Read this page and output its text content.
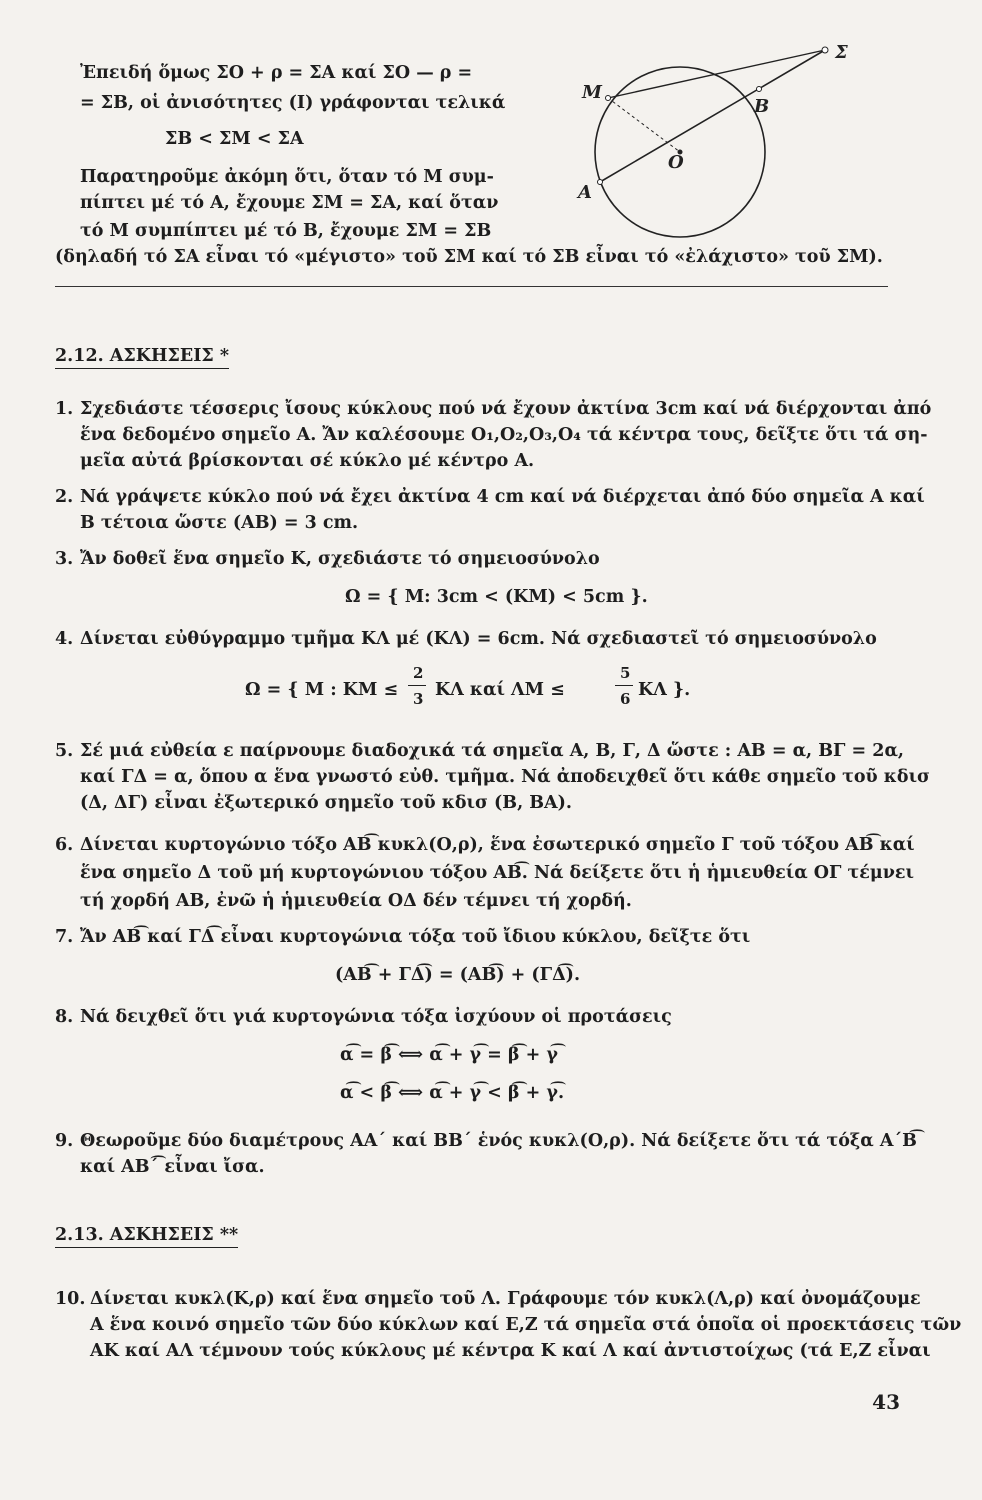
Ἐπειδή ὅμως ΣΟ + ρ = ΣΑ καί ΣΟ — ρ =
= ΣΒ, οἱ ἀνισότητες (Ι) γράφονται τελικά
ΣΒ < ΣΜ < ΣΑ
Παρατηροῦμε ἀκόμη ὅτι, ὅταν τό Μ συμ-
πίπτει μέ τό Α, ἔχουμε ΣΜ = ΣΑ, καί ὅταν
τό Μ συμπίπτει μέ τό Β, ἔχουμε ΣΜ = ΣΒ
(δηλαδή τό ΣΑ εἶναι τό «μέγιστο» τοῦ ΣΜ καί τό ΣΒ εἶναι τό «ἐλάχιστο» τοῦ ΣΜ).
Σ
Μ
Β
Ο
Α
2.12. ΑΣΚΗΣΕΙΣ *
1. Σχεδιάστε τέσσερις ἴσους κύκλους πού νά ἔχουν ἀκτίνα 3cm καί νά διέρχονται ἀπό
ἕνα δεδομένο σημεῖο Α. Ἄν καλέσουμε Ο₁,Ο₂,Ο₃,Ο₄ τά κέντρα τους, δεῖξτε ὅτι τά ση-
μεῖα αὐτά βρίσκονται σέ κύκλο μέ κέντρο Α.
2. Νά γράψετε κύκλο πού νά ἔχει ἀκτίνα 4 cm καί νά διέρχεται ἀπό δύο σημεῖα Α καί
Β τέτοια ὥστε (ΑΒ) = 3 cm.
3. Ἄν δοθεῖ ἕνα σημεῖο Κ, σχεδιάστε τό σημειοσύνολο
Ω = { Μ: 3cm < (ΚΜ) < 5cm }.
4. Δίνεται εὐθύγραμμο τμῆμα ΚΛ μέ (ΚΛ) = 6cm. Νά σχεδιαστεῖ τό σημειοσύνολο
Ω = { Μ : ΚΜ ≤
2
3 ΚΛ καί ΛΜ ≤
5
6 ΚΛ }.
5. Σέ μιά εὐθεία ε παίρνουμε διαδοχικά τά σημεῖα Α, Β, Γ, Δ ὥστε : ΑΒ = α, ΒΓ = 2α,
καί ΓΔ = α, ὅπου α ἕνα γνωστό εὐθ. τμῆμα. Νά ἀποδειχθεῖ ὅτι κάθε σημεῖο τοῦ κδισ
(Δ, ΔΓ) εἶναι ἐξωτερικό σημεῖο τοῦ κδισ (Β, ΒΑ).
6. Δίνεται κυρτογώνιο τόξο ΑΒ͡ κυκλ(Ο,ρ), ἕνα ἐσωτερικό σημεῖο Γ τοῦ τόξου ΑΒ͡ καί
ἕνα σημεῖο Δ τοῦ μή κυρτογώνιου τόξου ΑΒ͡. Νά δείξετε ὅτι ἡ ἡμιευθεία ΟΓ τέμνει
τή χορδή ΑΒ, ἐνῶ ἡ ἡμιευθεία ΟΔ δέν τέμνει τή χορδή.
7. Ἄν ΑΒ͡ καί ΓΔ͡ εἶναι κυρτογώνια τόξα τοῦ ἴδιου κύκλου, δεῖξτε ὅτι
(ΑΒ͡ + ΓΔ͡) = (ΑΒ͡) + (ΓΔ͡).
8. Νά δειχθεῖ ὅτι γιά κυρτογώνια τόξα ἰσχύουν οἱ προτάσεις
α͡ = β͡ ⟺ α͡ + γ͡ = β͡ + γ͡
α͡ < β͡ ⟺ α͡ + γ͡ < β͡ + γ͡.
9. Θεωροῦμε δύο διαμέτρους ΑΑ΄ καί ΒΒ΄ ἑνός κυκλ(Ο,ρ). Νά δείξετε ὅτι τά τόξα Α΄Β͡
καί ΑΒ΄͡ εἶναι ἴσα.
2.13. ΑΣΚΗΣΕΙΣ **
10. Δίνεται κυκλ(Κ,ρ) καί ἕνα σημεῖο τοῦ Λ. Γράφουμε τόν κυκλ(Λ,ρ) καί ὀνομάζουμε
Α ἕνα κοινό σημεῖο τῶν δύο κύκλων καί Ε,Ζ τά σημεῖα στά ὁποῖα οἱ προεκτάσεις τῶν
ΑΚ καί ΑΛ τέμνουν τούς κύκλους μέ κέντρα Κ καί Λ καί ἀντιστοίχως (τά Ε,Ζ εἶναι
43
